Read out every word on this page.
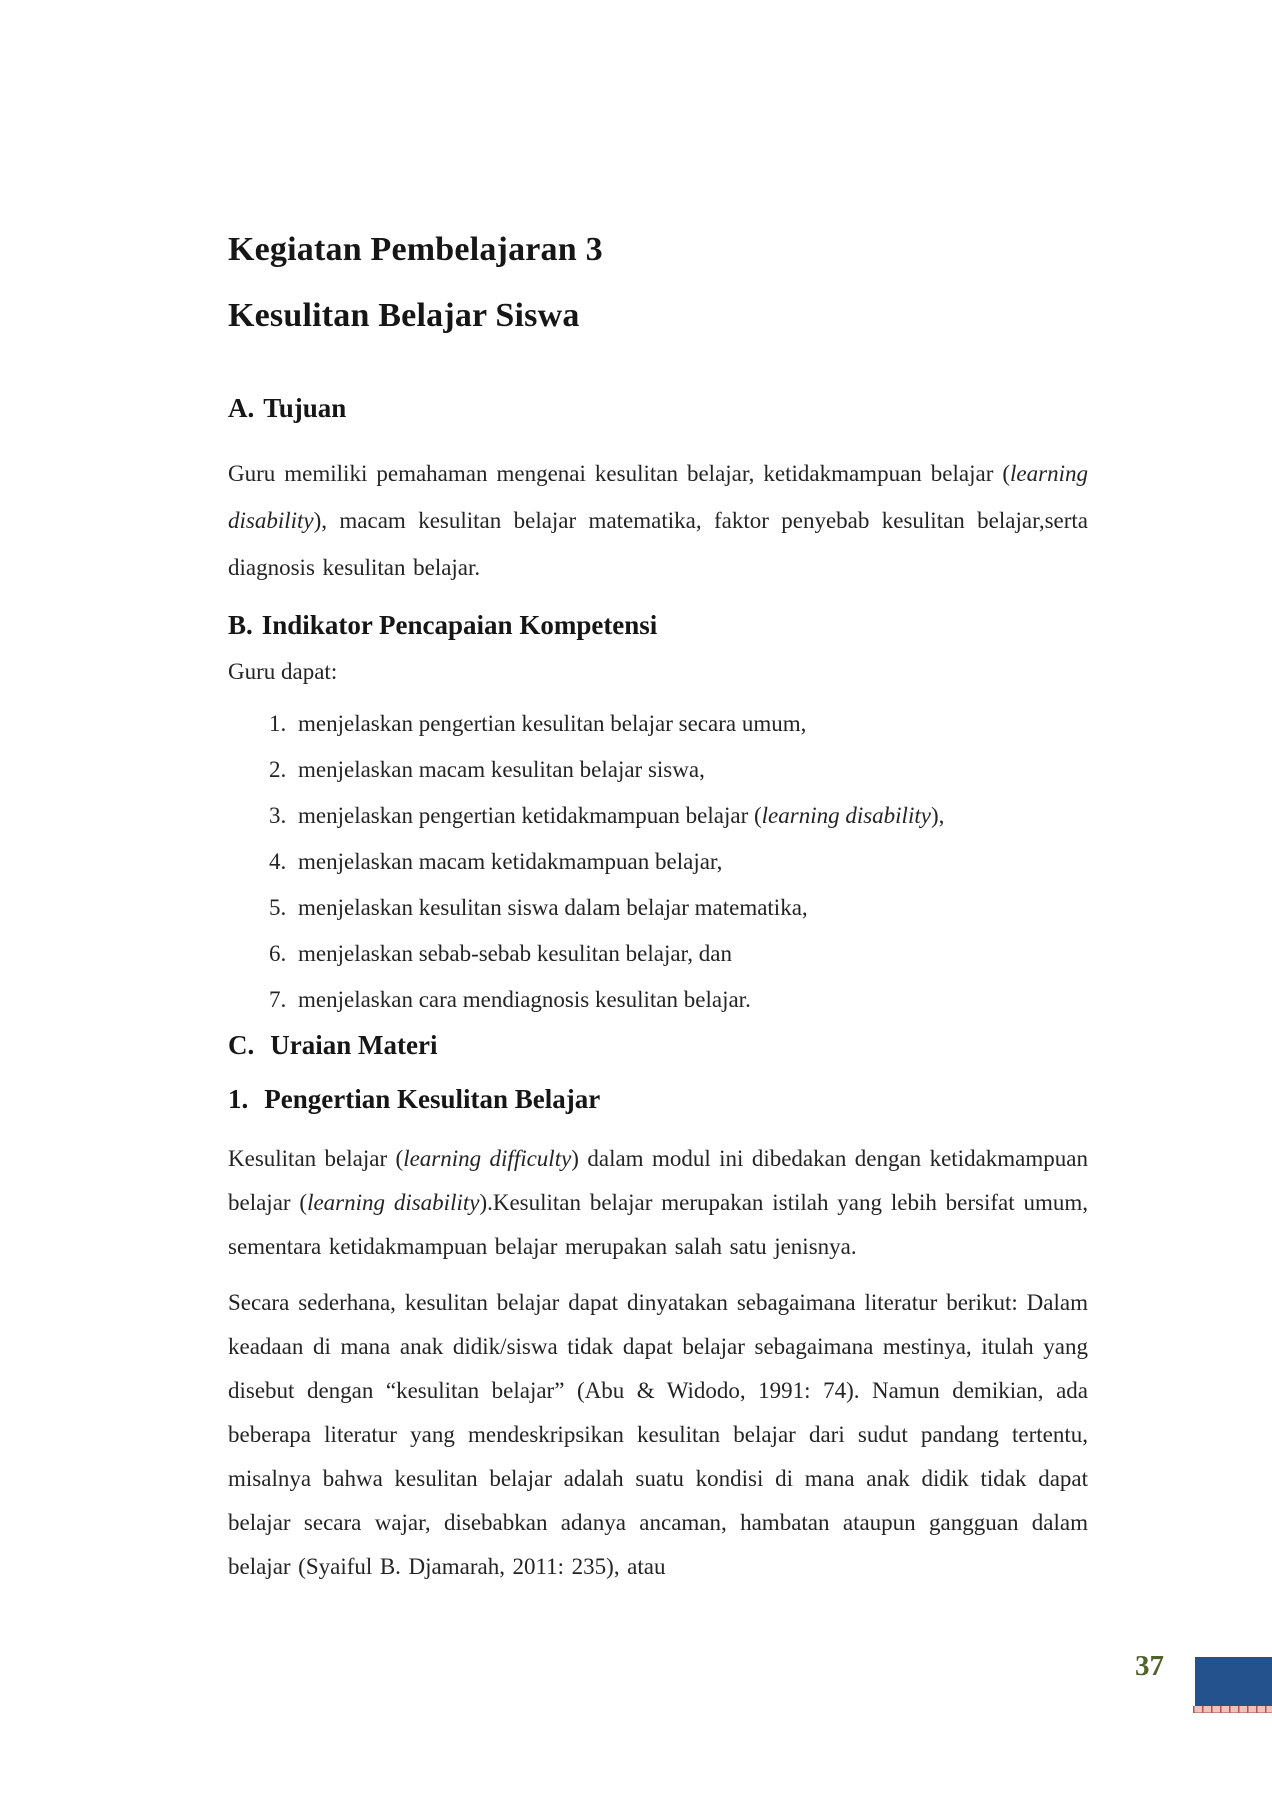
Kegiatan Pembelajaran 3
Kesulitan Belajar Siswa
A. Tujuan

Guru memiliki pemahaman mengenai kesulitan belajar, ketidakmampuan belajar (learning disability), macam kesulitan belajar matematika, faktor penyebab kesulitan belajar,serta diagnosis kesulitan belajar.

B. Indikator Pencapaian Kompetensi

Guru dapat:

1. menjelaskan pengertian kesulitan belajar secara umum,
2. menjelaskan macam kesulitan belajar siswa,
3. menjelaskan pengertian ketidakmampuan belajar (learning disability),
4. menjelaskan macam ketidakmampuan belajar,
5. menjelaskan kesulitan siswa dalam belajar matematika,
6. menjelaskan sebab-sebab kesulitan belajar, dan
7. menjelaskan cara mendiagnosis kesulitan belajar.
C. Uraian Materi
1. Pengertian Kesulitan Belajar

Kesulitan belajar (learning difficulty) dalam modul ini dibedakan dengan ketidakmampuan belajar (learning disability).Kesulitan belajar merupakan istilah yang lebih bersifat umum, sementara ketidakmampuan belajar merupakan salah satu jenisnya.

Secara sederhana, kesulitan belajar dapat dinyatakan sebagaimana literatur berikut: Dalam keadaan di mana anak didik/siswa tidak dapat belajar sebagaimana mestinya, itulah yang disebut dengan “kesulitan belajar” (Abu & Widodo, 1991: 74). Namun demikian, ada beberapa literatur yang mendeskripsikan kesulitan belajar dari sudut pandang tertentu, misalnya bahwa kesulitan belajar adalah suatu kondisi di mana anak didik tidak dapat belajar secara wajar, disebabkan adanya ancaman, hambatan ataupun gangguan dalam belajar (Syaiful B. Djamarah, 2011: 235), atau

37
